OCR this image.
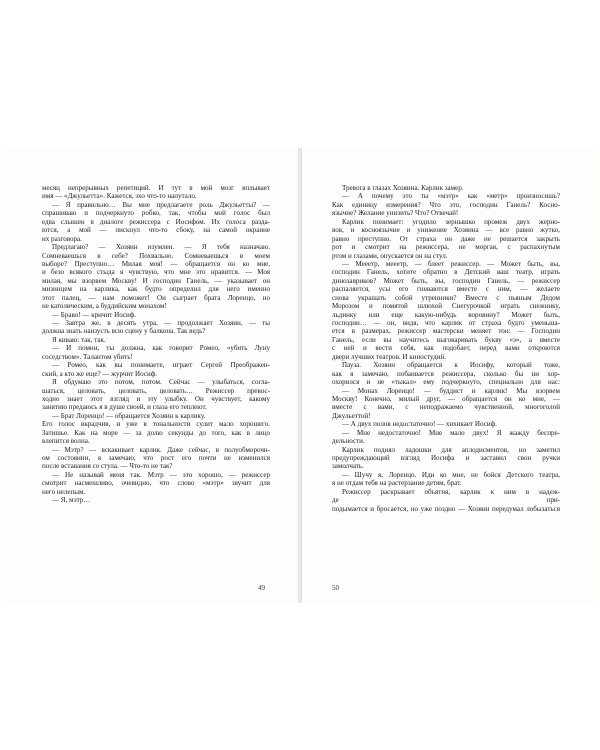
месяц непрерывных репетиций. И тут в мой мозг вплывает
имя — «Джульетта». Кажется, эхо что-то напутало.
— Я правильно… Вы мне предлагаете роль Джульетты? —
спрашиваю и подчеркнуто робко, так, чтобы мой голос был
едва слышен в диалоге режиссера с Иосифом. Их голоса разда-
ются, а мой — пискнул что-то сбоку, на самой окраине
их разговора.
Предлагаю? — Хозяин изумлен. — Я тебя назначаю.
Сомневаешься в себе? Похвально. Сомневаешься в моем
выборе? Преступно… Милая моя! — обращается он ко мне,
и безо всякого стыда я чувствую, что мне это нравится. — Моя
милая, мы взорвем Москву! И господин Ганель, — указывает он
мизинцем на карлика, как будто определил для него именно
этот палец, — нам поможет! Он сыграет брата Лоренцо, но
не католическим, а буддийским монахом!
— Браво! — кричит Иосиф.
— Завтра же, в десять утра, — продолжает Хозяин, — ты
должна знать наизусть всю сцену у балкона. Так ведь?
Я киваю: так, так.
— И помни, ты должна, как говорит Ромео, «убить Луну
соседством». Талантом убить!
— Ромео, как вы понимаете, играет Сергей Преображен-
ский, а кто же еще? — журчит Иосиф.
Я обдумаю это потом, потом. Сейчас — улыбаться, согла-
шаться, целовать, целовать, целовать… Режиссер превос-
ходно знает этот взгляд и эту улыбку. Он чувствует, какому
занятию предаюсь я в душе своей, и глаза его теплеют.
— Брат Лоренцо! — обращается Хозяин к карлику.
Его голос вкрадчив, и уже в тональности сулит мало хорошего.
Затишье. Как на море — за долю секунды до того, как в лицо
влепится волна.
— Мэтр? — вскакивает карлик. Даже сейчас, в полуобморочн-
ом состоянии, я замечаю, что рост его почти не изменился
после вставания со стула. — Что-то не так?
— Не называй меня так. Мэтр — это хорошо, — режиссер
смотрит насмешливо, очевидно, что слово «мэтр» звучит для
него нелепым.
— Я, мэтр…
49
Тревога в глазах Хозяина. Карлик замер.
— А почему это ты «мэтр» как «метр» произносишь?
Как единицу измерения? Что это, господин Ганель? Косно-
язычие? Желание унизить? Что? Отвечай!
Карлик понимает: угодило зернышко промеж двух жерно-
вов, и косноязычие и унижение Хозяина — все равно жутко,
равно преступно. От страха он даже не решается закрыть
рот и смотрит на режиссера, не моргая, с распахнутым
ртом и глазами, опускается он на стул.
— Мееетр, мееетр, — блеет режиссер. — Может быть, вы,
господин Ганель, хотите обратно в Детский ваш театр, играть
динозавриков? Может быть, вы, господин Ганель, — режиссер
распаляется, усы его гневаются вместе с ним, — желаете
снова украшать собой утренники? Вместе с пьяным Дедом
Морозом и помятой шлюхой Снегурочкой играть снежинку,
льдинку или еще какую-нибудь воровину? Может быть,
господин… — он, видя, что карлик от страха будто уменьша-
ется в размерах, режиссер мастерски меняет тон: — Господин
Ганель, если вы научитесь выговаривать букву «э», а вместе
с ней и вести себя, как подобает, перед вами откроются
двери лучших театров. И киностудий.
Пауза. Хозяин обращается к Иосифу, который тоже,
как я замечаю, побаивается режиссера, сколько бы ни хор-
охорился и не «тыкал» ему подчеркнуто, специально для нас:
— Монах Лоренцо! — буддист и карлик! Мы взорвем
Москву! Конечно, милый друг, — обращается он ко мне, —
вместе с вами, с неподражаемо чувственной, многоголой
Джульеттой!
— А двух полов недостаточно! — хихикает Иосиф.
— Мне недостаточно! Мне мало двух! Я жажду беспре-
дельности.
Карлик поднял ладошки для аплодисментов, но заметил
предупреждающий взгляд Иосифа и заставил свои ручки
замолчать.
— Шучу я, Лоренцо. Иди ко мне, не бойся Детского театра,
я не отдам тебя на растерзание детям, брат.
Режиссер раскрывает объятия, карлик к ним в надеж-
де при-
подымается и бросается, но уже поздно — Хозяин передумал лобызаться
50
